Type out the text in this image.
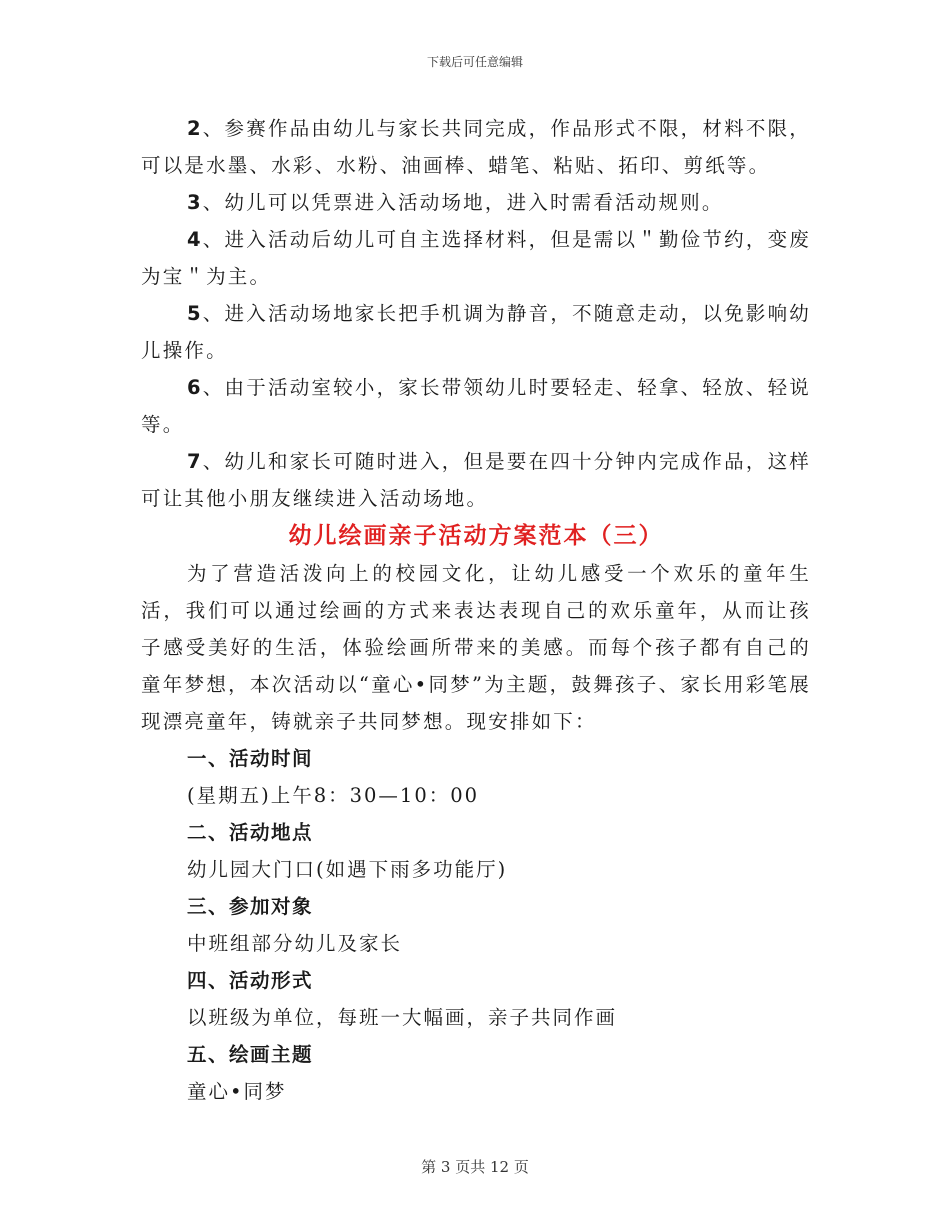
下载后可任意编辑

2、参赛作品由幼儿与家长共同完成，作品形式不限，材料不限，可以是水墨、水彩、水粉、油画棒、蜡笔、粘贴、拓印、剪纸等。

3、幼儿可以凭票进入活动场地，进入时需看活动规则。

4、进入活动后幼儿可自主选择材料，但是需以＂勤俭节约，变废为宝＂为主。

5、进入活动场地家长把手机调为静音，不随意走动，以免影响幼儿操作。

6、由于活动室较小，家长带领幼儿时要轻走、轻拿、轻放、轻说等。

7、幼儿和家长可随时进入，但是要在四十分钟内完成作品，这样可让其他小朋友继续进入活动场地。

幼儿绘画亲子活动方案范本（三）

为了营造活泼向上的校园文化，让幼儿感受一个欢乐的童年生活，我们可以通过绘画的方式来表达表现自己的欢乐童年，从而让孩子感受美好的生活，体验绘画所带来的美感。而每个孩子都有自己的童年梦想，本次活动以“童心•同梦”为主题，鼓舞孩子、家长用彩笔展现漂亮童年，铸就亲子共同梦想。现安排如下：

一、活动时间

(星期五)上午8：30—10：00

二、活动地点

幼儿园大门口(如遇下雨多功能厅)

三、参加对象

中班组部分幼儿及家长

四、活动形式

以班级为单位，每班一大幅画，亲子共同作画

五、绘画主题

童心•同梦

第 3 页共 12 页
